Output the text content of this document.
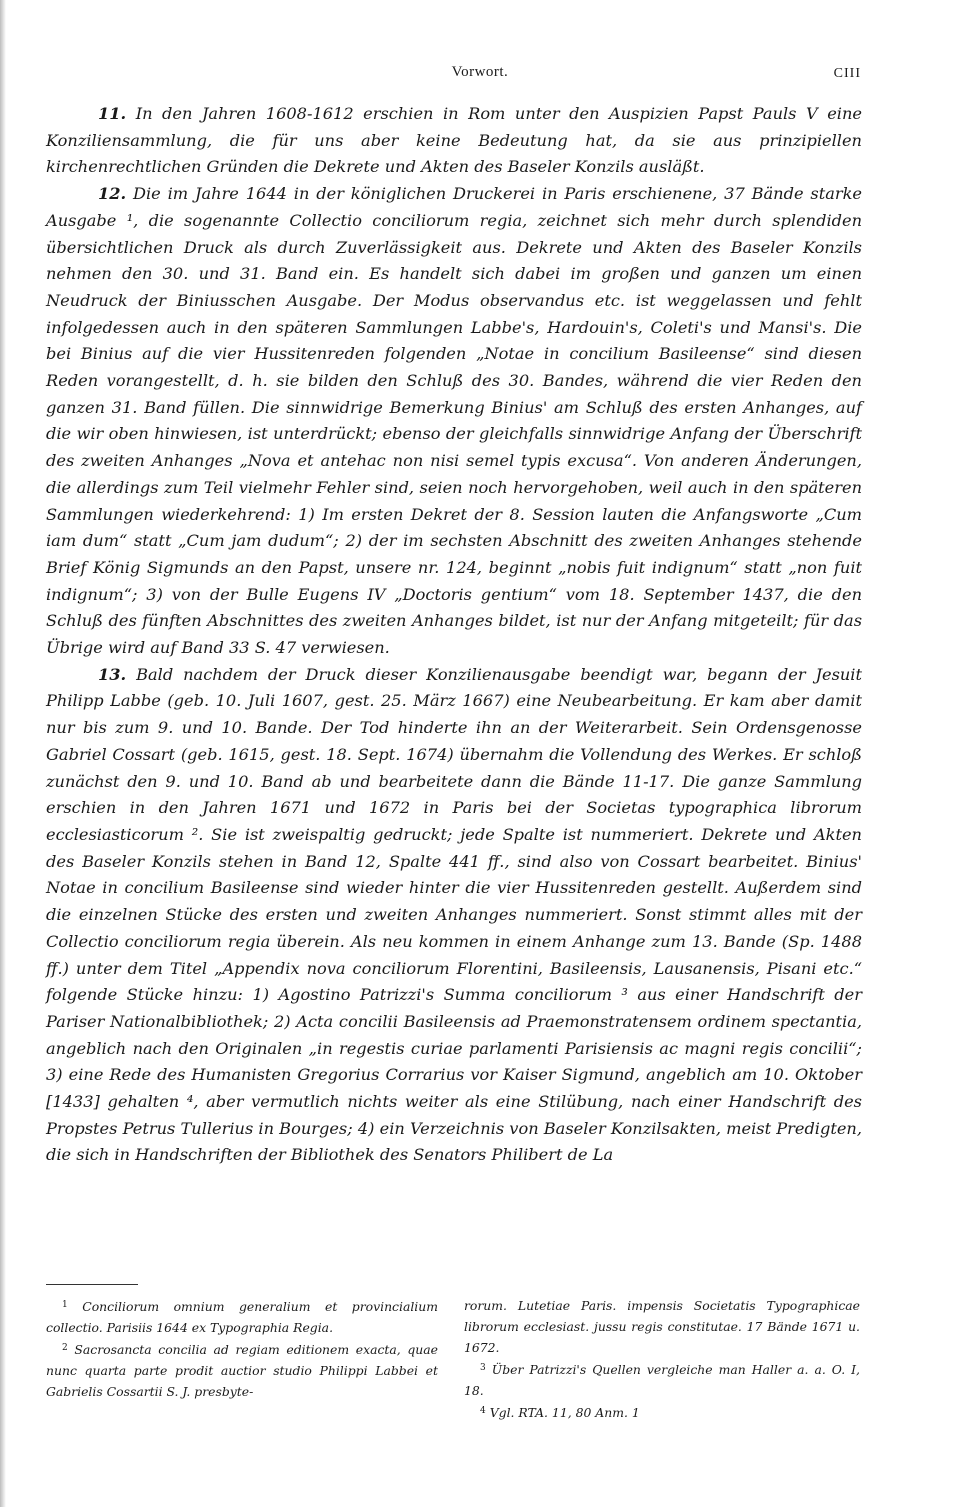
Vorwort.	CIII

11. In den Jahren 1608-1612 erschien in Rom unter den Auspizien Papst Pauls V eine Konziliensammlung, die für uns aber keine Bedeutung hat, da sie aus prinzipiellen kirchenrechtlichen Gründen die Dekrete und Akten des Baseler Konzils ausläßt.

12. Die im Jahre 1644 in der königlichen Druckerei in Paris erschienene, 37 Bände starke Ausgabe ¹, die sogenannte Collectio conciliorum regia, zeichnet sich mehr durch splendiden übersichtlichen Druck als durch Zuverlässigkeit aus. Dekrete und Akten des Baseler Konzils nehmen den 30. und 31. Band ein. Es handelt sich dabei im großen und ganzen um einen Neudruck der Biniusschen Ausgabe. Der Modus observandus etc. ist weggelassen und fehlt infolgedessen auch in den späteren Sammlungen Labbe's, Hardouin's, Coleti's und Mansi's. Die bei Binius auf die vier Hussitenreden folgenden „Notae in concilium Basileense“ sind diesen Reden vorangestellt, d. h. sie bilden den Schluß des 30. Bandes, während die vier Reden den ganzen 31. Band füllen. Die sinnwidrige Bemerkung Binius' am Schluß des ersten Anhanges, auf die wir oben hinwiesen, ist unterdrückt; ebenso der gleichfalls sinnwidrige Anfang der Überschrift des zweiten Anhanges „Nova et antehac non nisi semel typis excusa“. Von anderen Änderungen, die allerdings zum Teil vielmehr Fehler sind, seien noch hervorgehoben, weil auch in den späteren Sammlungen wiederkehrend: 1) Im ersten Dekret der 8. Session lauten die Anfangsworte „Cum iam dum“ statt „Cum jam dudum“; 2) der im sechsten Abschnitt des zweiten Anhanges stehende Brief König Sigmunds an den Papst, unsere nr. 124, beginnt „nobis fuit indignum“ statt „non fuit indignum“; 3) von der Bulle Eugens IV „Doctoris gentium“ vom 18. September 1437, die den Schluß des fünften Abschnittes des zweiten Anhanges bildet, ist nur der Anfang mitgeteilt; für das Übrige wird auf Band 33 S. 47 verwiesen.

13. Bald nachdem der Druck dieser Konzilienausgabe beendigt war, begann der Jesuit Philipp Labbe (geb. 10. Juli 1607, gest. 25. März 1667) eine Neubearbeitung. Er kam aber damit nur bis zum 9. und 10. Bande. Der Tod hinderte ihn an der Weiterarbeit. Sein Ordensgenosse Gabriel Cossart (geb. 1615, gest. 18. Sept. 1674) übernahm die Vollendung des Werkes. Er schloß zunächst den 9. und 10. Band ab und bearbeitete dann die Bände 11-17. Die ganze Sammlung erschien in den Jahren 1671 und 1672 in Paris bei der Societas typographica librorum ecclesiasticorum ². Sie ist zweispaltig gedruckt; jede Spalte ist nummeriert. Dekrete und Akten des Baseler Konzils stehen in Band 12, Spalte 441 ff., sind also von Cossart bearbeitet. Binius' Notae in concilium Basileense sind wieder hinter die vier Hussitenreden gestellt. Außerdem sind die einzelnen Stücke des ersten und zweiten Anhanges nummeriert. Sonst stimmt alles mit der Collectio conciliorum regia überein. Als neu kommen in einem Anhange zum 13. Bande (Sp. 1488 ff.) unter dem Titel „Appendix nova conciliorum Florentini, Basileensis, Lausanensis, Pisani etc.“ folgende Stücke hinzu: 1) Agostino Patrizzi's Summa conciliorum ³ aus einer Handschrift der Pariser Nationalbibliothek; 2) Acta concilii Basileensis ad Praemonstratensem ordinem spectantia, angeblich nach den Originalen „in regestis curiae parlamenti Parisiensis ac magni regis concilii“; 3) eine Rede des Humanisten Gregorius Corrarius vor Kaiser Sigmund, angeblich am 10. Oktober [1433] gehalten ⁴, aber vermutlich nichts weiter als eine Stilübung, nach einer Handschrift des Propstes Petrus Tullerius in Bourges; 4) ein Verzeichnis von Baseler Konzilsakten, meist Predigten, die sich in Handschriften der Bibliothek des Senators Philibert de La

$^1$ Conciliorum omnium generalium et provincialium collectio. Parisiis 1644 ex Typographia Regia.

$^2$ Sacrosancta concilia ad regiam editionem exacta, quae nunc quarta parte prodit auctior studio Philippi Labbei et Gabrielis Cossartii S. J. presbyte-

rorum. Lutetiae Paris. impensis Societatis Typographicae librorum ecclesiast. jussu regis constitutae. 17 Bände 1671 u. 1672.

$^3$ Über Patrizzi's Quellen vergleiche man Haller a. a. O. I, 18.

$^4$ Vgl. RTA. 11, 80 Anm. 1
